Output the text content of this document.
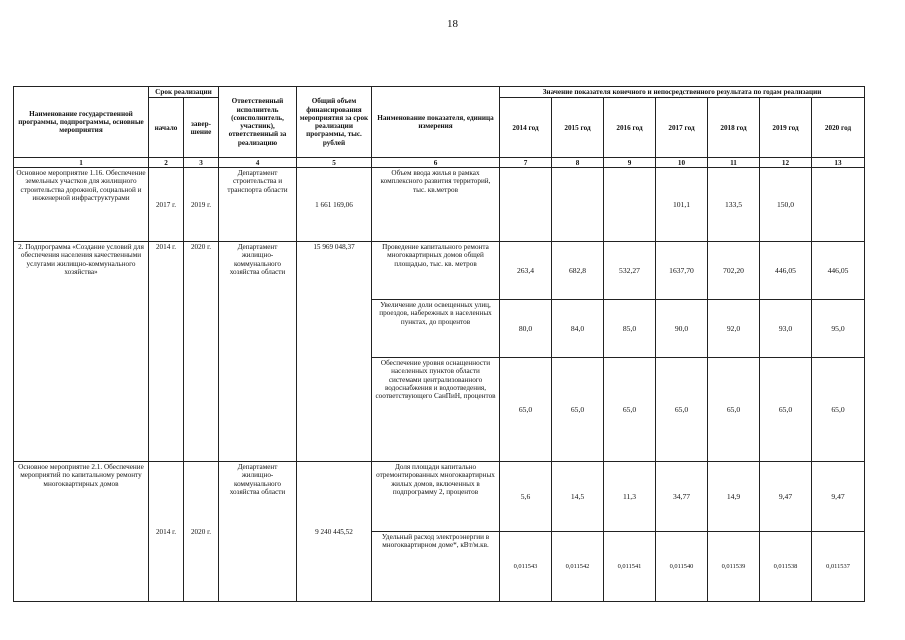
18
Наименование государственной программы, подпрограммы, основные мероприятия	Срок реализации		Ответственный исполнитель (соисполнитель, участник), ответственный за реализацию	Общий объем финансирования мероприятия за срок реализации программы, тыс. рублей	Наименование показателя, единица измерения	Значение показателя конечного и непосредственного результата по годам реализации						
	начало	завер-шение				2014 год	2015 год	2016 год	2017 год	2018 год	2019 год	2020 год
1	2	3	4	5	6	7	8	9	10	11	12	13
Основное мероприятие 1.16. Обеспечение земельных участков для жилищного строительства дорожной, социальной и инженерной инфраструктурами	2017 г.	2019 г.	Департамент строительства и транспорта области	1 661 169,06	Объем ввода жилья в рамках комплексного развития территорий, тыс. кв.метров				101,1	133,5	150,0	
2. Подпрограмма «Создание условий для обеспечения населения качественными услугами жилищно-коммунального хозяйства»	2014 г.	2020 г.	Департамент жилищно-коммунального хозяйства области	15 969 048,37	Проведение капитального ремонта многоквартирных домов общей площадью, тыс. кв. метров	263,4	682,8	532,27	1637,70	702,20	446,05	446,05
					Увеличение доли освещенных улиц, проездов, набережных в населенных пунктах, до процентов	80,0	84,0	85,0	90,0	92,0	93,0	95,0
					Обеспечение уровня оснащенности населенных пунктов области системами централизованного водоснабжения и водоотведения, соответствующего СанПиН, процентов	65,0	65,0	65,0	65,0	65,0	65,0	65,0
Основное мероприятие 2.1. Обеспечение мероприятий по капитальному ремонту многоквартирных домов	2014 г.	2020 г.	Департамент жилищно-коммунального хозяйства области	9 240 445,52	Доля площади капитально отремонтированных многоквартирных жилых домов, включенных в подпрограмму 2, процентов	5,6	14,5	11,3	34,77	14,9	9,47	9,47
					Удельный расход электроэнергии в многоквартирном доме*, кВт/м.кв.	0,011543	0,011542	0,011541	0,011540	0,011539	0,011538	0,011537
